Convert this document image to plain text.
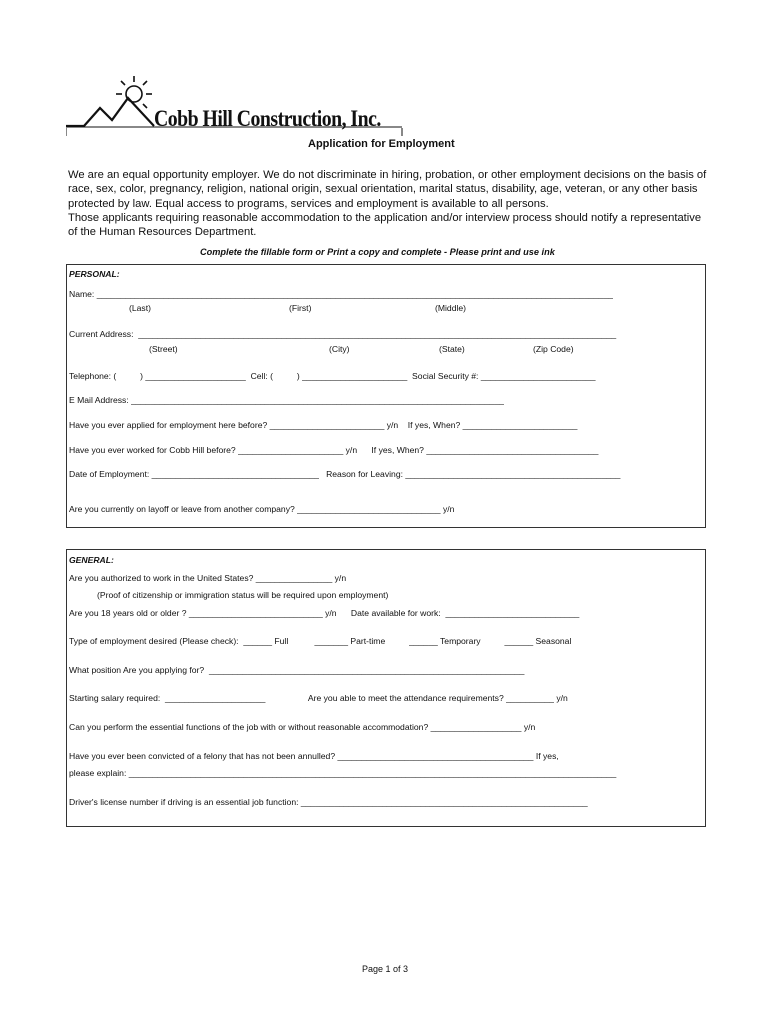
Cobb Hill Construction, Inc.
Application for Employment

We are an equal opportunity employer. We do not discriminate in hiring, probation, or other employment decisions on the basis of race, sex, color, pregnancy, religion, national origin, sexual orientation, marital status, disability, age, veteran, or any other basis protected by law. Equal access to programs, services and employment is available to all persons.

Those applicants requiring reasonable accommodation to the application and/or interview process should notify a representative of the Human Resources Department.

Complete the fillable form or Print a copy and complete - Please print and use ink
PERSONAL:
Name: ____________________________________________________________________________________________________________
(Last)	(First)	(Middle)
Current Address:  ____________________________________________________________________________________________________
(Street)	(City)	(State)	(Zip Code)
Telephone: (          ) _____________________  Cell: (          ) ______________________  Social Security #: ________________________
E Mail Address: ______________________________________________________________________________
Have you ever applied for employment here before? ________________________ y/n    If yes, When? ________________________
Have you ever worked for Cobb Hill before? ______________________ y/n      If yes, When? ____________________________________
Date of Employment: ___________________________________   Reason for Leaving: _____________________________________________
Are you currently on layoff or leave from another company? ______________________________ y/n
GENERAL:
Are you authorized to work in the United States? ________________ y/n
(Proof of citizenship or immigration status will be required upon employment)
Are you 18 years old or older ? ____________________________ y/n      Date available for work:  ____________________________
Type of employment desired (Please check):  ______ Full           _______ Part-time          ______ Temporary          ______ Seasonal
What position Are you applying for?  __________________________________________________________________
Starting salary required:  _____________________                  Are you able to meet the attendance requirements? __________ y/n
Can you perform the essential functions of the job with or without reasonable accommodation? ___________________ y/n
Have you ever been convicted of a felony that has not been annulled? _________________________________________ If yes,
please explain: ______________________________________________________________________________________________________
Driver's license number if driving is an essential job function: ____________________________________________________________
Page 1 of 3
